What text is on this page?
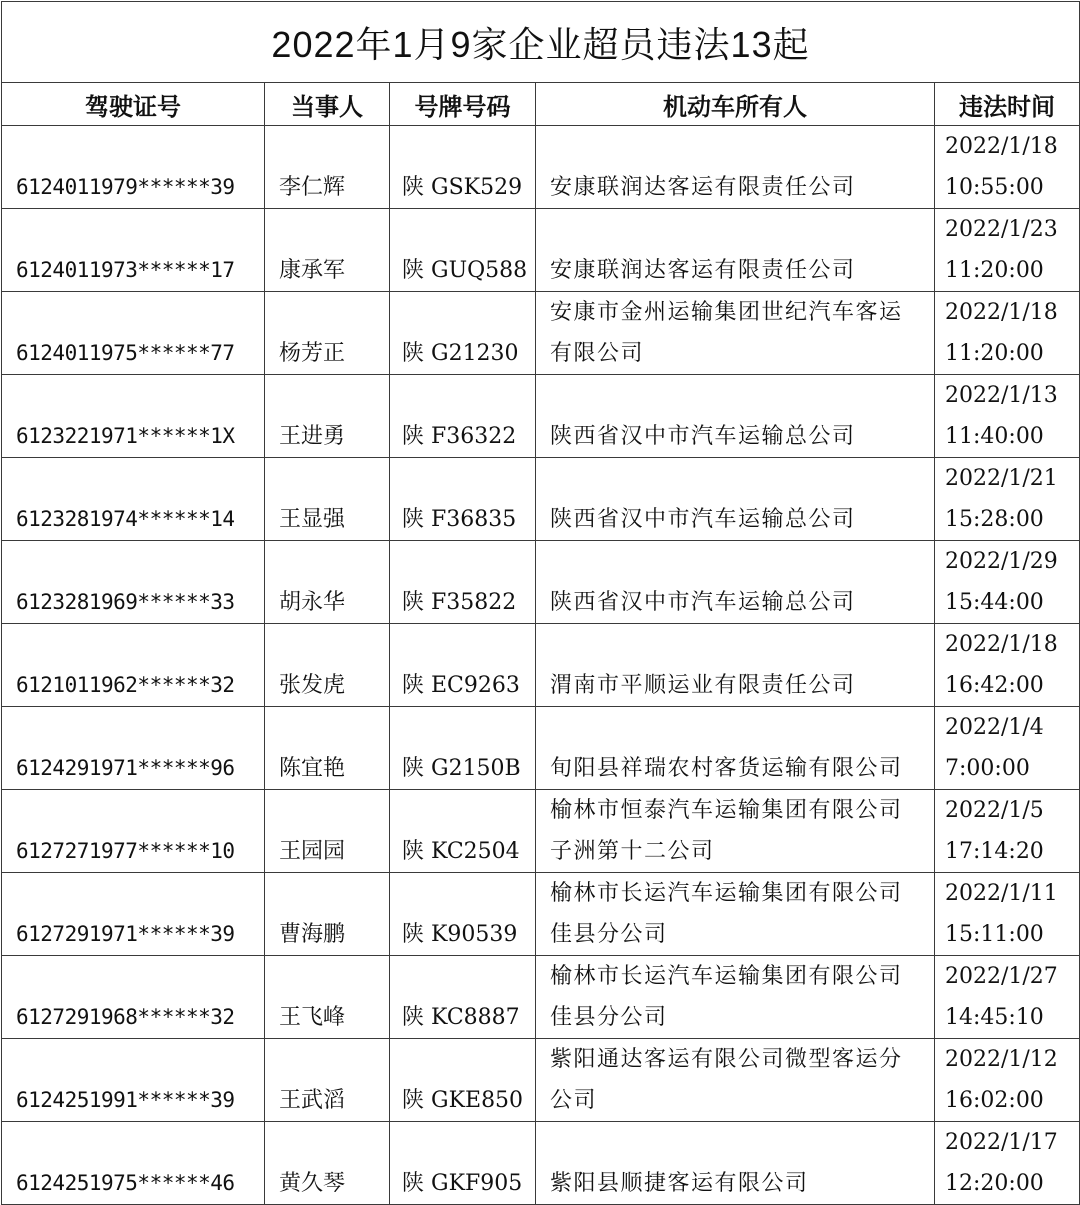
2022年1月9家企业超员违法13起				
驾驶证号	当事人	号牌号码	机动车所有人	违法时间
6124011979******39	李仁辉	陕 GSK529	安康联润达客运有限责任公司	2022/1/18
10:55:00

6124011973******17	康承军	陕 GUQ588	安康联润达客运有限责任公司	2022/1/23
11:20:00

6124011975******77	杨芳正	陕 G21230	安康市金州运输集团世纪汽车客运有限公司	2022/1/18
11:20:00

6123221971******1X	王进勇	陕 F36322	陕西省汉中市汽车运输总公司	2022/1/13
11:40:00

6123281974******14	王显强	陕 F36835	陕西省汉中市汽车运输总公司	2022/1/21
15:28:00

6123281969******33	胡永华	陕 F35822	陕西省汉中市汽车运输总公司	2022/1/29
15:44:00

6121011962******32	张发虎	陕 EC9263	渭南市平顺运业有限责任公司	2022/1/18
16:42:00

6124291971******96	陈宜艳	陕 G2150B	旬阳县祥瑞农村客货运输有限公司	2022/1/4
7:00:00

6127271977******10	王园园	陕 KC2504	榆林市恒泰汽车运输集团有限公司子洲第十二公司	2022/1/5
17:14:20

6127291971******39	曹海鹏	陕 K90539	榆林市长运汽车运输集团有限公司佳县分公司	2022/1/11
15:11:00

6127291968******32	王飞峰	陕 KC8887	榆林市长运汽车运输集团有限公司佳县分公司	2022/1/27
14:45:10

6124251991******39	王武滔	陕 GKE850	紫阳通达客运有限公司微型客运分公司	2022/1/12
16:02:00

6124251975******46	黄久琴	陕 GKF905	紫阳县顺捷客运有限公司	2022/1/17
12:20:00
